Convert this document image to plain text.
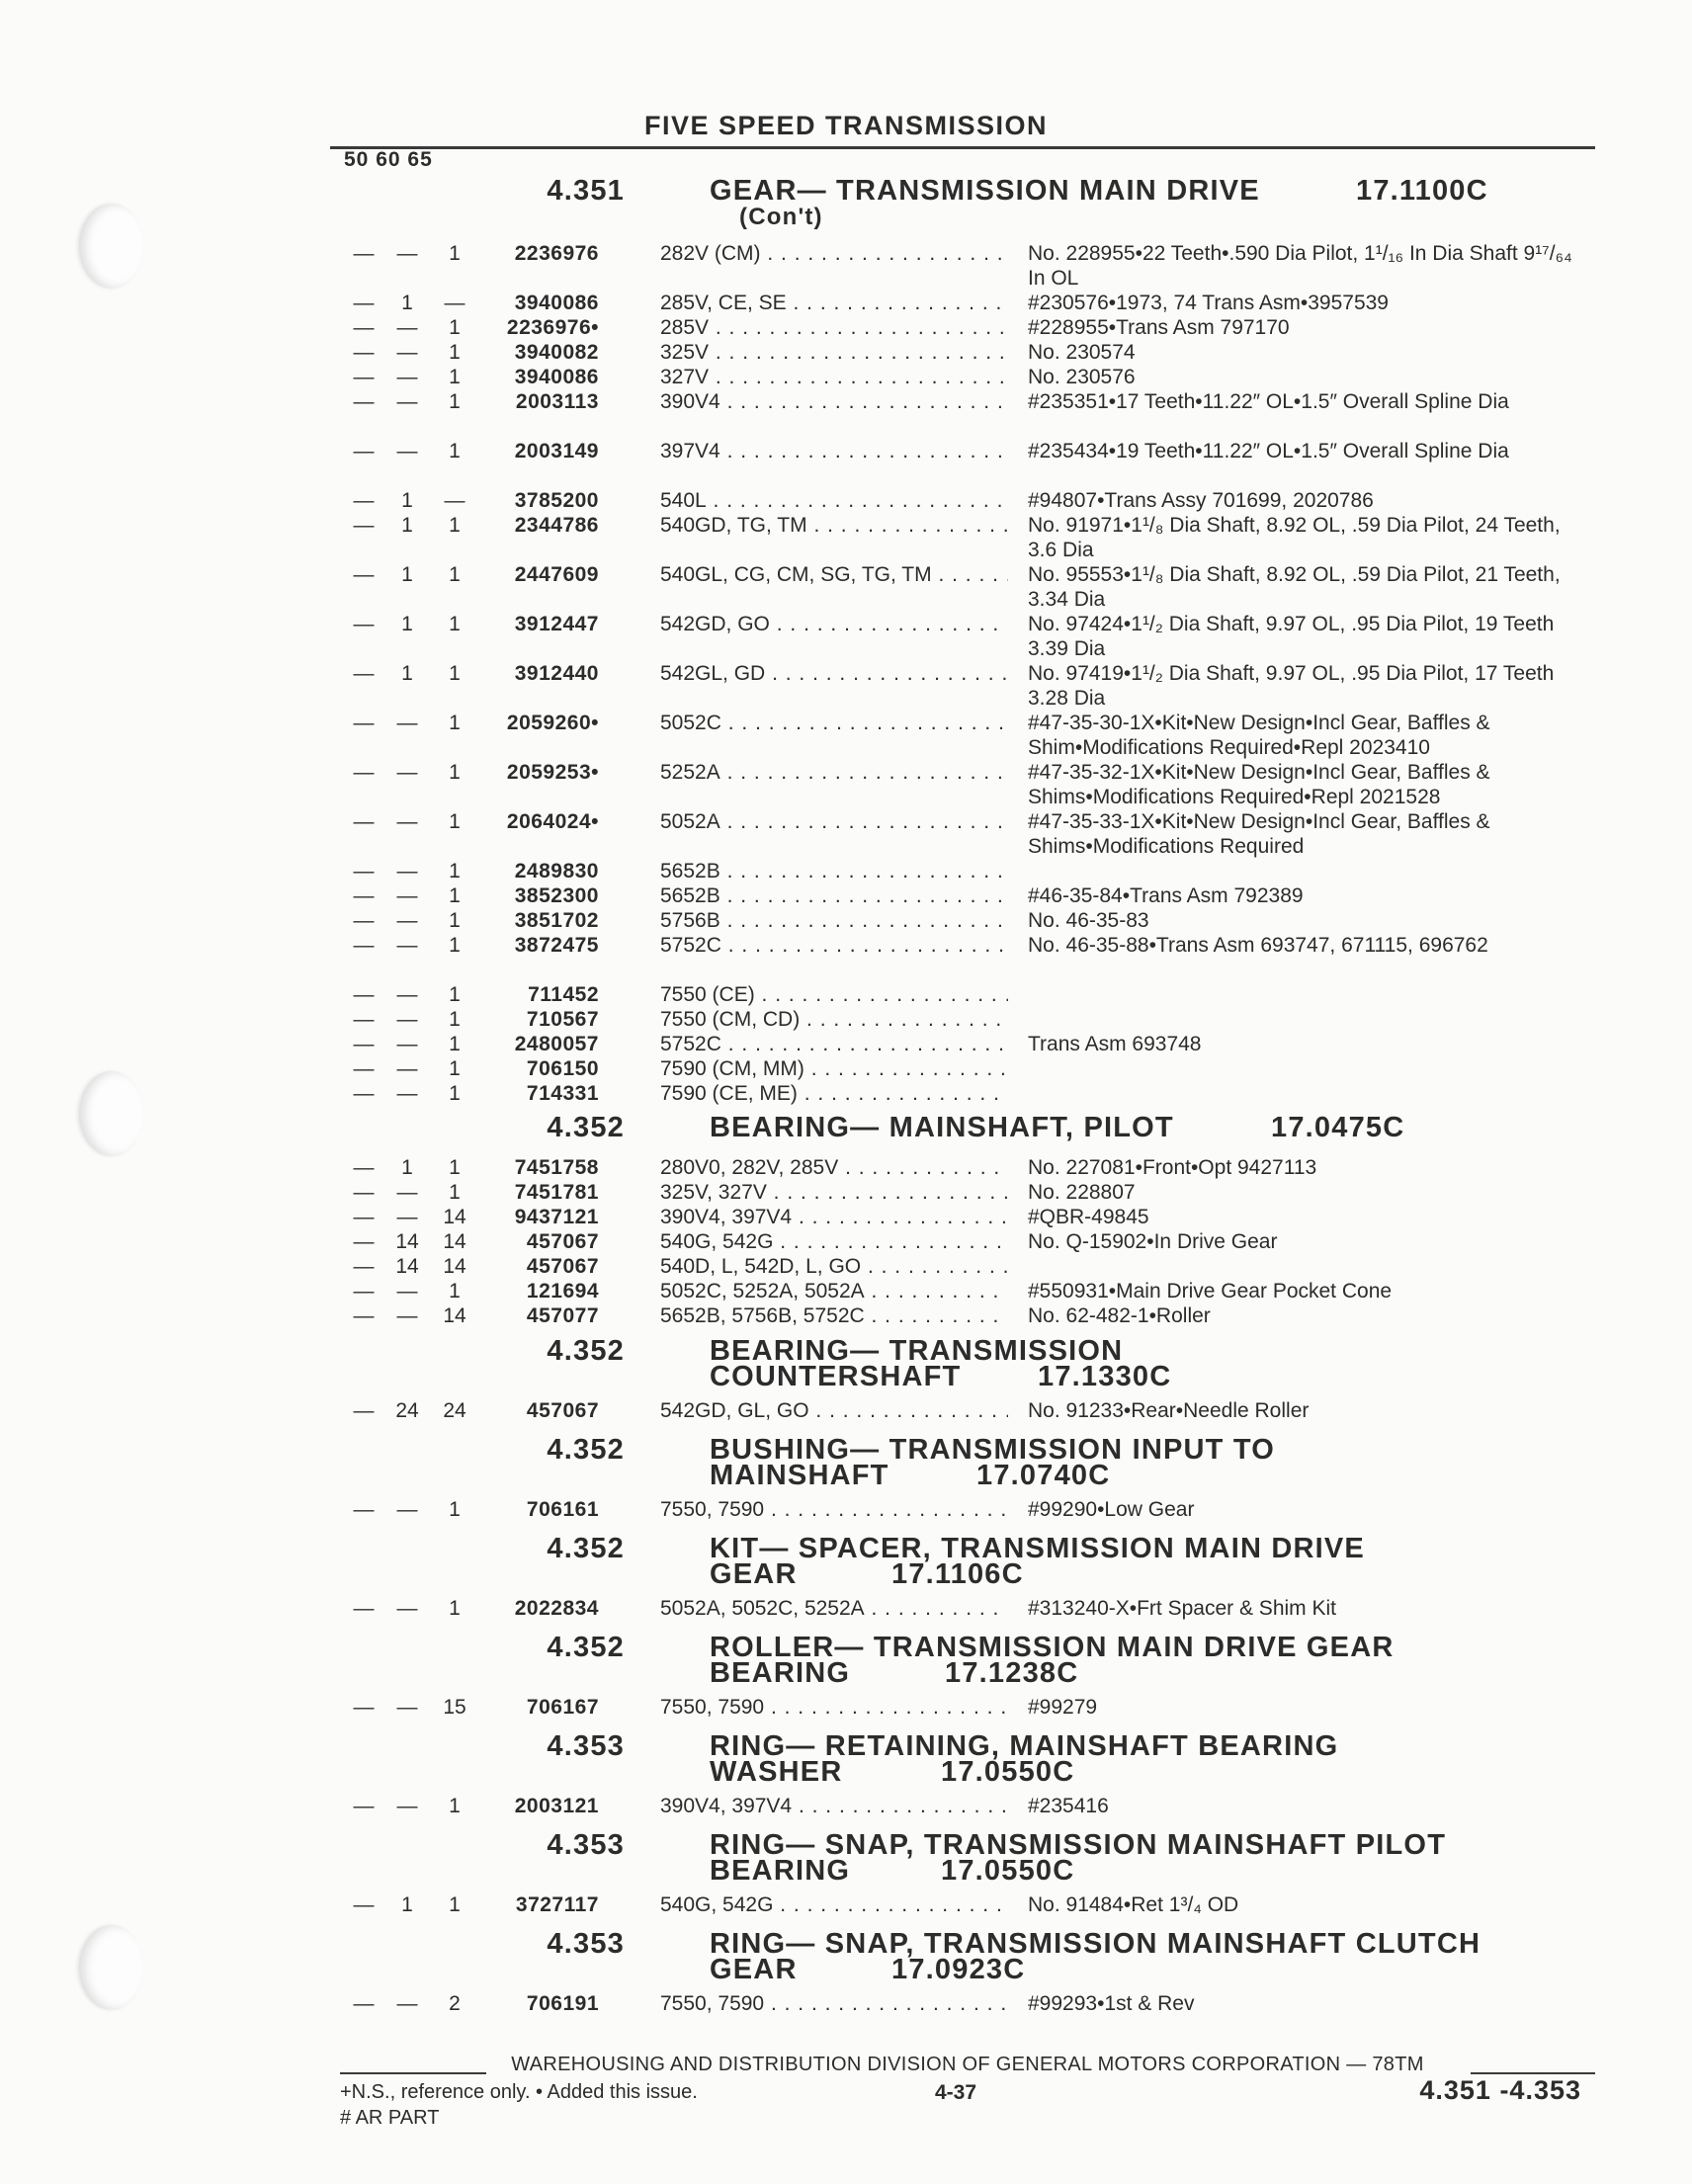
FIVE SPEED TRANSMISSION
50 60 65
4.351	GEAR— TRANSMISSION MAIN DRIVE
(Con't)
17.1100C
— —	1	2236976	282V (CM) . . .	No. 228955•22 Teeth•.590 Dia Pilot, 1¹/₁₆ In Dia Shaft 9¹⁷/₆₄ In OL
—	1	—	3940086	285V, CE, SE . . .	#230576•1973, 74 Trans Asm•3957539
— —	1	2236976•	285V . . .	#228955•Trans Asm 797170
— —	1	3940082	325V . . .	No. 230574
— —	1	3940086	327V . . .	No. 230576
— —	1	2003113	390V4 . . .	#235351•17 Teeth•11.22″ OL•1.5″ Overall Spline Dia
— —	1	2003149	397V4 . . .	#235434•19 Teeth•11.22″ OL•1.5″ Overall Spline Dia
—	1	—	3785200	540L . . .	#94807•Trans Assy 701699, 2020786
—	1	1	2344786	540GD, TG, TM . . .	No. 91971•1¹/₈ Dia Shaft, 8.92 OL, .59 Dia Pilot, 24 Teeth, 3.6 Dia
—	1	1	2447609	540GL, CG, CM, SG, TG, TM . . .	No. 95553•1¹/₈ Dia Shaft, 8.92 OL, .59 Dia Pilot, 21 Teeth, 3.34 Dia
—	1	1	3912447	542GD, GO . . .	No. 97424•1¹/₂ Dia Shaft, 9.97 OL, .95 Dia Pilot, 19 Teeth 3.39 Dia
—	1	1	3912440	542GL, GD . . .	No. 97419•1¹/₂ Dia Shaft, 9.97 OL, .95 Dia Pilot, 17 Teeth 3.28 Dia
— —	1	2059260•	5052C . . .	#47-35-30-1X•Kit•New Design•Incl Gear, Baffles & Shim•Modifications Required•Repl 2023410
— —	1	2059253•	5252A . . .	#47-35-32-1X•Kit•New Design•Incl Gear, Baffles & Shims•Modifications Required•Repl 2021528
— —	1	2064024•	5052A . . .	#47-35-33-1X•Kit•New Design•Incl Gear, Baffles & Shims•Modifications Required
— —	1	2489830	5652B . . .
— —	1	3852300	5652B . . .	#46-35-84•Trans Asm 792389
— —	1	3851702	5756B . . .	No. 46-35-83
— —	1	3872475	5752C . . .	No. 46-35-88•Trans Asm 693747, 671115, 696762
— —	1	711452	7550 (CE) . . .
— —	1	710567	7550 (CM, CD) . . .
— —	1	2480057	5752C . . .	Trans Asm 693748
— —	1	706150	7590 (CM, MM) . . .
— —	1	714331	7590 (CE, ME) . . .
4.352	BEARING— MAINSHAFT, PILOT	17.0475C
—	1	1	7451758	280V0, 282V, 285V . . .	No. 227081•Front•Opt 9427113
— —	1	7451781	325V, 327V . . .	No. 228807
— — 14	9437121	390V4, 397V4 . . .	#QBR-49845
— 14 14	457067	540G, 542G . . .	No. Q-15902•In Drive Gear
— 14 14	457067	540D, L, 542D, L, GO . . .
— —	1	121694	5052C, 5252A, 5052A . . .	#550931•Main Drive Gear Pocket Cone
— — 14	457077	5652B, 5756B, 5752C . . .	No. 62-482-1•Roller
4.352	BEARING— TRANSMISSION
COUNTERSHAFT	17.1330C
— 24 24	457067	542GD, GL, GO . . .	No. 91233•Rear•Needle Roller
4.352	BUSHING— TRANSMISSION INPUT TO
MAINSHAFT	17.0740C
— —	1	706161	7550, 7590 . . .	#99290•Low Gear
4.352	KIT— SPACER, TRANSMISSION MAIN DRIVE
GEAR	17.1106C
— —	1	2022834	5052A, 5052C, 5252A . . .	#313240-X•Frt Spacer & Shim Kit
4.352	ROLLER— TRANSMISSION MAIN DRIVE GEAR
BEARING	17.1238C
— — 15	706167	7550, 7590 . . .	#99279
4.353	RING— RETAINING, MAINSHAFT BEARING
WASHER	17.0550C
— —	1	2003121	390V4, 397V4 . . .	#235416
4.353	RING— SNAP, TRANSMISSION MAINSHAFT PILOT
BEARING	17.0550C
—	1	1	3727117	540G, 542G . . .	No. 91484•Ret 1³/₄ OD
4.353	RING— SNAP, TRANSMISSION MAINSHAFT CLUTCH
GEAR	17.0923C
— —	2	706191	7550, 7590 . . .	#99293•1st & Rev
WAREHOUSING AND DISTRIBUTION DIVISION OF GENERAL MOTORS CORPORATION — 78TM
+N.S., reference only. • Added this issue.	4-37	4.351 -4.353
# AR PART
